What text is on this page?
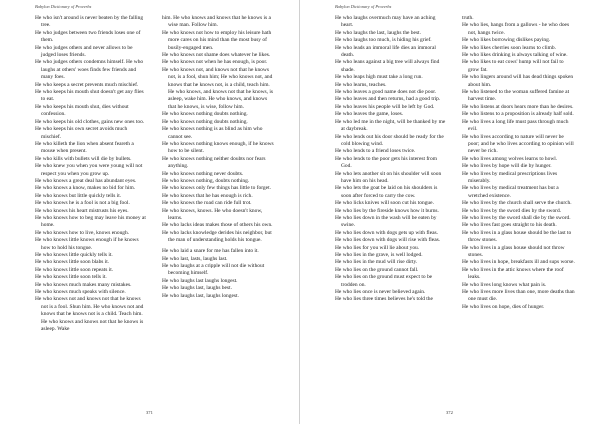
Babylon Dictionary of Proverbs

He who isn't around is never beaten by the falling tree.

He who judges between two friends loses one of them.

He who judges others and never allows to be judged loses friends.

He who judges others condemns himself. He who laughs at others' woes finds few friends and many foes.

He who keeps a secret prevents much mischief.

He who keeps his mouth shut doesn't get any flies to eat.

He who keeps his mouth shut, dies without confession.

He who keeps his old clothes, gains new ones too.

He who keeps his own secret avoids much mischief.

He who killeth the lion when absent feareth a mouse when present.

He who kills with bullets will die by bullets.

He who knew you when you were young will not respect you when you grow up.

He who knows a great deal has abundant eyes.

He who knows a know, makes no bid for him.

He who knows but little quickly tells it.

He who knows he is a fool is not a big fool.

He who knows his heart mistrusts his eyes.

He who knows how to beg may leave his money at home.

He who knows how to live, knows enough.

He who knows little knows enough if he knows how to hold his tongue.

He who knows little quickly tells it.

He who knows little soon blabs it.

He who knows little soon repeats it.

He who knows little soon tells it.

He who knows much makes many mistakes.

He who knows much speaks with silence.

He who knows not and knows not that he knows not is a fool. Shun him. He who knows not and knows that he knows not is a child. Teach him. He who knows and knows not that he knows is asleep. Wake

him. He who knows and knows that he knows is a wise man. Follow him.

He who knows not how to employ his leisure hath more cares on his mind than the most busy of busily-engaged men.

He who knows not shame does whatever he likes.

He who knows not when he has enough, is poor.

He who knows not, and knows not that he knows not, is a fool, shun him; He who knows not, and knows that he knows not, is a child, teach him. He who knows, and knows not that he knows, is asleep, wake him. He who knows, and knows that he knows, is wise, follow him.

He who knows nothing doubts nothing.

He who knows nothing doubts nothing.

He who knows nothing is as blind as him who cannot see.

He who knows nothing knows enough, if he knows how to be silent.

He who knows nothing neither doubts nor fears anything.

He who knows nothing never doubts.

He who knows nothing, doubts nothing.

He who knows only few things has little to forget.

He who knows that he has enough is rich.

He who knows the road can ride full trot.

He who knows, knows. He who doesn't know, learns.

He who lacks ideas makes those of others his own.

He who lacks knowledge derides his neighbor, but the man of understanding holds his tongue.

He who laid a snare for me has fallen into it.

He who last, lasts, laughs last.

He who laughs at a cripple will not die without becoming himself.

He who laughs last laughs longest.

He who laughs last, laughs best.

He who laughs last, laughs longest.

371
Babylon Dictionary of Proverbs

He who laughs overmuch may have an aching heart.

He who laughs the last, laughs the best.

He who laughs too much, is hiding his grief.

He who leads an immoral life dies an immoral death.

He who leans against a big tree will always find shade.

He who leaps high must take a long run.

He who learns, teaches.

He who leaves a good name does not die poor.

He who leaves and then returns, had a good trip.

He who leaves his people will be left by God.

He who leaves the game, loses.

He who led me in the night, will be thanked by me at daybreak.

He who lends out his door should be ready for the cold blowing wind.

He who lends to a friend loses twice.

He who lends to the poor gets his interest from God.

He who lets another sit on his shoulder will soon have him on his head.

He who lets the goat be laid on his shoulders is soon after forced to carry the cow.

He who licks knives will soon cut his tongue.

He who lies by the fireside knows how it burns.

He who lies down in the wash will be eaten by swine.

He who lies down with dogs gets up with fleas.

He who lies down with dogs will rise with fleas.

He who lies for you will lie about you.

He who lies in the grave, is well lodged.

He who lies in the mud will rise dirty.

He who lies on the ground cannot fall.

He who lies on the ground must expect to be trodden on.

He who lies once is never believed again.

He who lies three times believes he's told the

truth.

He who lies, hangs from a gallows - he who does not, hangs twice.

He who likes borrowing dislikes paying.

He who likes cherries soon learns to climb.

He who likes drinking is always talking of wine.

He who likes to eat cows' hump will not fail to grow fat.

He who lingers around will has dead things spoken about him.

He who listened to the woman suffered famine at harvest time.

He who listens at doors hears more than he desires.

He who listens to a proposition is already half sold.

He who lives a long life must pass through much evil.

He who lives according to nature will never be poor; and he who lives according to opinion will never be rich.

He who lives among wolves learns to howl.

He who lives by hope will die by hunger.

He who lives by medical prescriptions lives miserably.

He who lives by medical treatment has but a wretched existence.

He who lives by the church shall serve the church.

He who lives by the sword dies by the sword.

He who lives by the sword shall die by the sword.

He who lives fast goes straight to his death.

He who lives in a glass house should be the last to throw stones.

He who lives in a glass house should not throw stones.

He who lives in hope, breakfasts ill and sups worse.

He who lives in the attic knows where the roof leaks.

He who lives long knows what pain is.

He who lives more lives than one, more deaths than one must die.

He who lives on hope, dies of hunger.

372
